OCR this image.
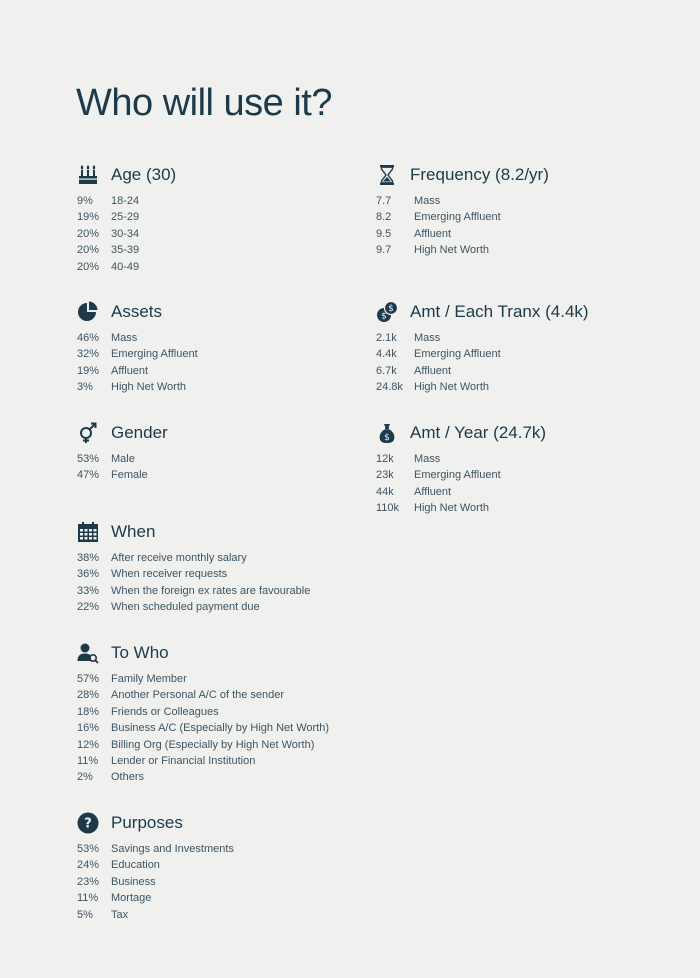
Who will use it?
Age (30)
9%	18-24
19%	25-29
20%	30-34
20%	35-39
20%	40-49
Frequency (8.2/yr)
7.7	Mass
8.2	Emerging Affluent
9.5	Affluent
9.7	High Net Worth
Assets
46%	Mass
32%	Emerging Affluent
19%	Affluent
3%	High Net Worth
$
$ Amt / Each Tranx (4.4k)
2.1k	Mass
4.4k	Emerging Affluent
6.7k	Affluent
24.8k	High Net Worth
Gender
53%	Male
47%	Female
$ Amt / Year (24.7k)
12k	Mass
23k	Emerging Affluent
44k	Affluent
110k	High Net Worth
When
38%	After receive monthly salary
36%	When receiver requests
33%	When the foreign ex rates are favourable
22%	When scheduled payment due
To Who
57%	Family Member
28%	Another Personal A/C of the sender
18%	Friends or Colleagues
16%	Business A/C (Especially by High Net Worth)
12%	Billing Org (Especially by High Net Worth)
11%	Lender or Financial Institution
2%	Others
? Purposes
53%	Savings and Investments
24%	Education
23%	Business
11%	Mortage
5%	Tax
